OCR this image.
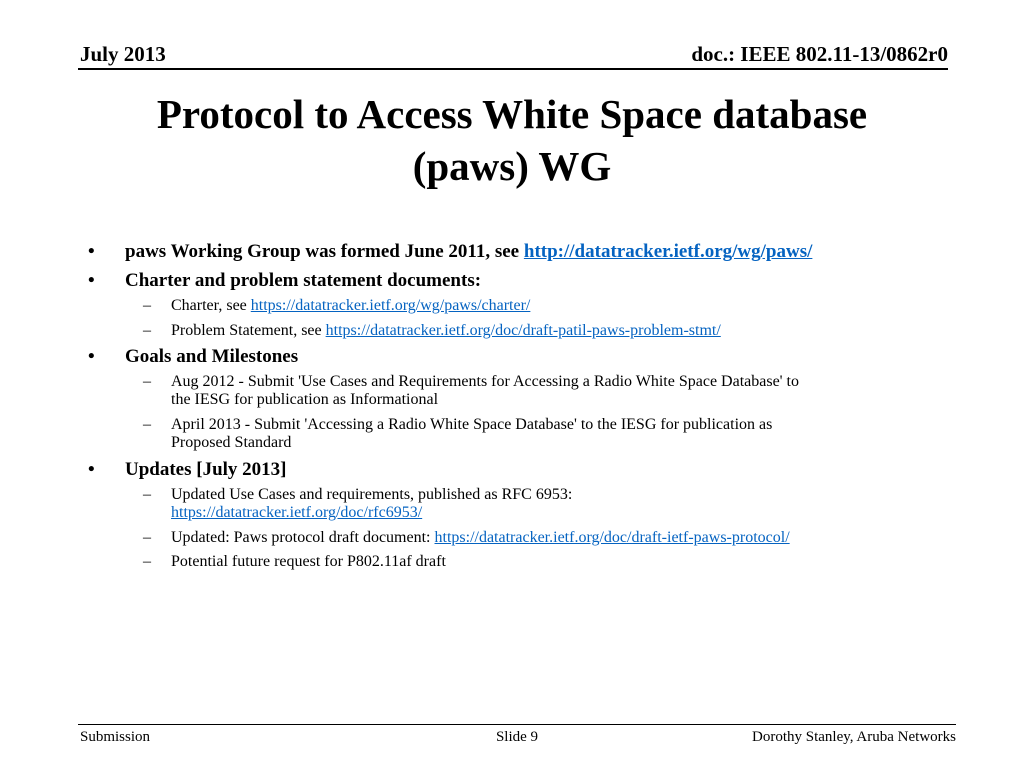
July 2013	doc.: IEEE 802.11-13/0862r0
Protocol to Access White Space database
(paws) WG
• paws Working Group was formed June 2011, see http://datatracker.ietf.org/wg/paws/
• Charter and problem statement documents:
– Charter, see https://datatracker.ietf.org/wg/paws/charter/
– Problem Statement, see https://datatracker.ietf.org/doc/draft-patil-paws-problem-stmt/
• Goals and Milestones
– Aug 2012 - Submit 'Use Cases and Requirements for Accessing a Radio White Space Database' to
the IESG for publication as Informational
– April 2013 - Submit 'Accessing a Radio White Space Database' to the IESG for publication as
Proposed Standard
• Updates [July 2013]
– Updated Use Cases and requirements, published as RFC 6953:
https://datatracker.ietf.org/doc/rfc6953/
– Updated: Paws protocol draft document: https://datatracker.ietf.org/doc/draft-ietf-paws-protocol/
– Potential future request for P802.11af draft
Submission	Slide 9	Dorothy Stanley, Aruba Networks
